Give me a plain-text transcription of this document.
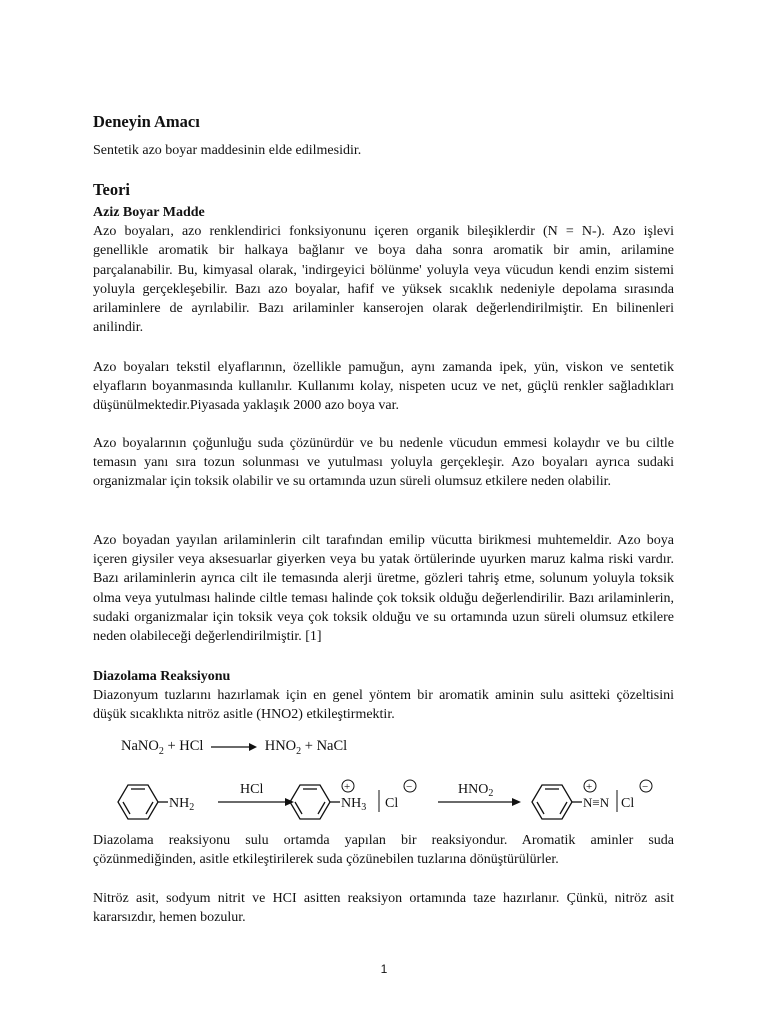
Deneyin Amacı
Sentetik azo boyar maddesinin elde edilmesidir.
Teori
Aziz Boyar Madde

Azo boyaları, azo renklendirici fonksiyonunu içeren organik bileşiklerdir (N = N-). Azo işlevi genellikle aromatik bir halkaya bağlanır ve boya daha sonra aromatik bir amin, arilamine parçalanabilir. Bu, kimyasal olarak, 'indirgeyici bölünme' yoluyla veya vücudun kendi enzim sistemi yoluyla gerçekleşebilir. Bazı azo boyalar, hafif ve yüksek sıcaklık nedeniyle depolama sırasında arilaminlere de ayrılabilir. Bazı arilaminler kanserojen olarak değerlendirilmiştir. En bilinenleri anilindir.

Azo boyaları tekstil elyaflarının, özellikle pamuğun, aynı zamanda ipek, yün, viskon ve sentetik elyafların boyanmasında kullanılır. Kullanımı kolay, nispeten ucuz ve net, güçlü renkler sağladıkları düşünülmektedir.Piyasada yaklaşık 2000 azo boya var.

Azo boyalarının çoğunluğu suda çözünürdür ve bu nedenle vücudun emmesi kolaydır ve bu ciltle temasın yanı sıra tozun solunması ve yutulması yoluyla gerçekleşir. Azo boyaları ayrıca sudaki organizmalar için toksik olabilir ve su ortamında uzun süreli olumsuz etkilere neden olabilir.

Azo boyadan yayılan arilaminlerin cilt tarafından emilip vücutta birikmesi muhtemeldir. Azo boya içeren giysiler veya aksesuarlar giyerken veya bu yatak örtülerinde uyurken maruz kalma riski vardır. Bazı arilaminlerin ayrıca cilt ile temasında alerji üretme, gözleri tahriş etme, solunum yoluyla toksik olma veya yutulması halinde ciltle teması halinde çok toksik olduğu değerlendirilir. Bazı arilaminlerin, sudaki organizmalar için toksik veya çok toksik olduğu ve su ortamında uzun süreli olumsuz etkilere neden olabileceği değerlendirilmiştir. [1]

Diazolama Reaksiyonu

Diazonyum tuzlarını hazırlamak için en genel yöntem bir aromatik aminin sulu asitteki çözeltisini düşük sıcaklıkta nitröz asitle (HNO2) etkileştirmektir.

NaNO$_2$ + HCl → $HNO_2$ + NaCl
$NH_2$
HCl	+
$NH_3$ Cl
−	$HNO_2$
+
N≡N Cl
−

Diazolama reaksiyonu sulu ortamda yapılan bir reaksiyondur. Aromatik aminler suda çözünmediğinden, asitle etkileştirilerek suda çözünebilen tuzlarına dönüştürülürler.

Nitröz asit, sodyum nitrit ve HCI asitten reaksiyon ortamında taze hazırlanır. Çünkü, nitröz asit kararsızdır, hemen bozulur.

1
